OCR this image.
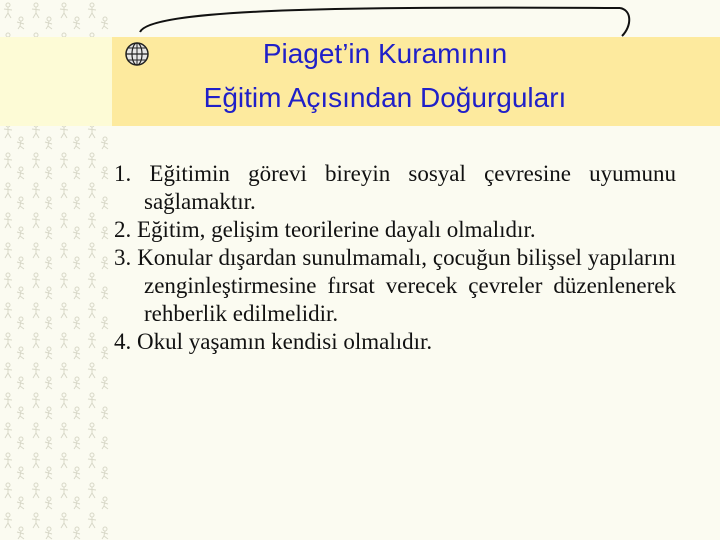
Piaget’in Kuramının
Eğitim Açısından Doğurguları
1. Eğitimin görevi bireyin sosyal çevresine uyumunu sağlamaktır.
2. Eğitim, gelişim teorilerine dayalı olmalıdır.
3. Konular dışardan sunulmamalı, çocuğun bilişsel yapılarını zenginleştirmesine fırsat verecek çevreler düzenlenerek rehberlik edilmelidir.
4. Okul yaşamın kendisi olmalıdır.
